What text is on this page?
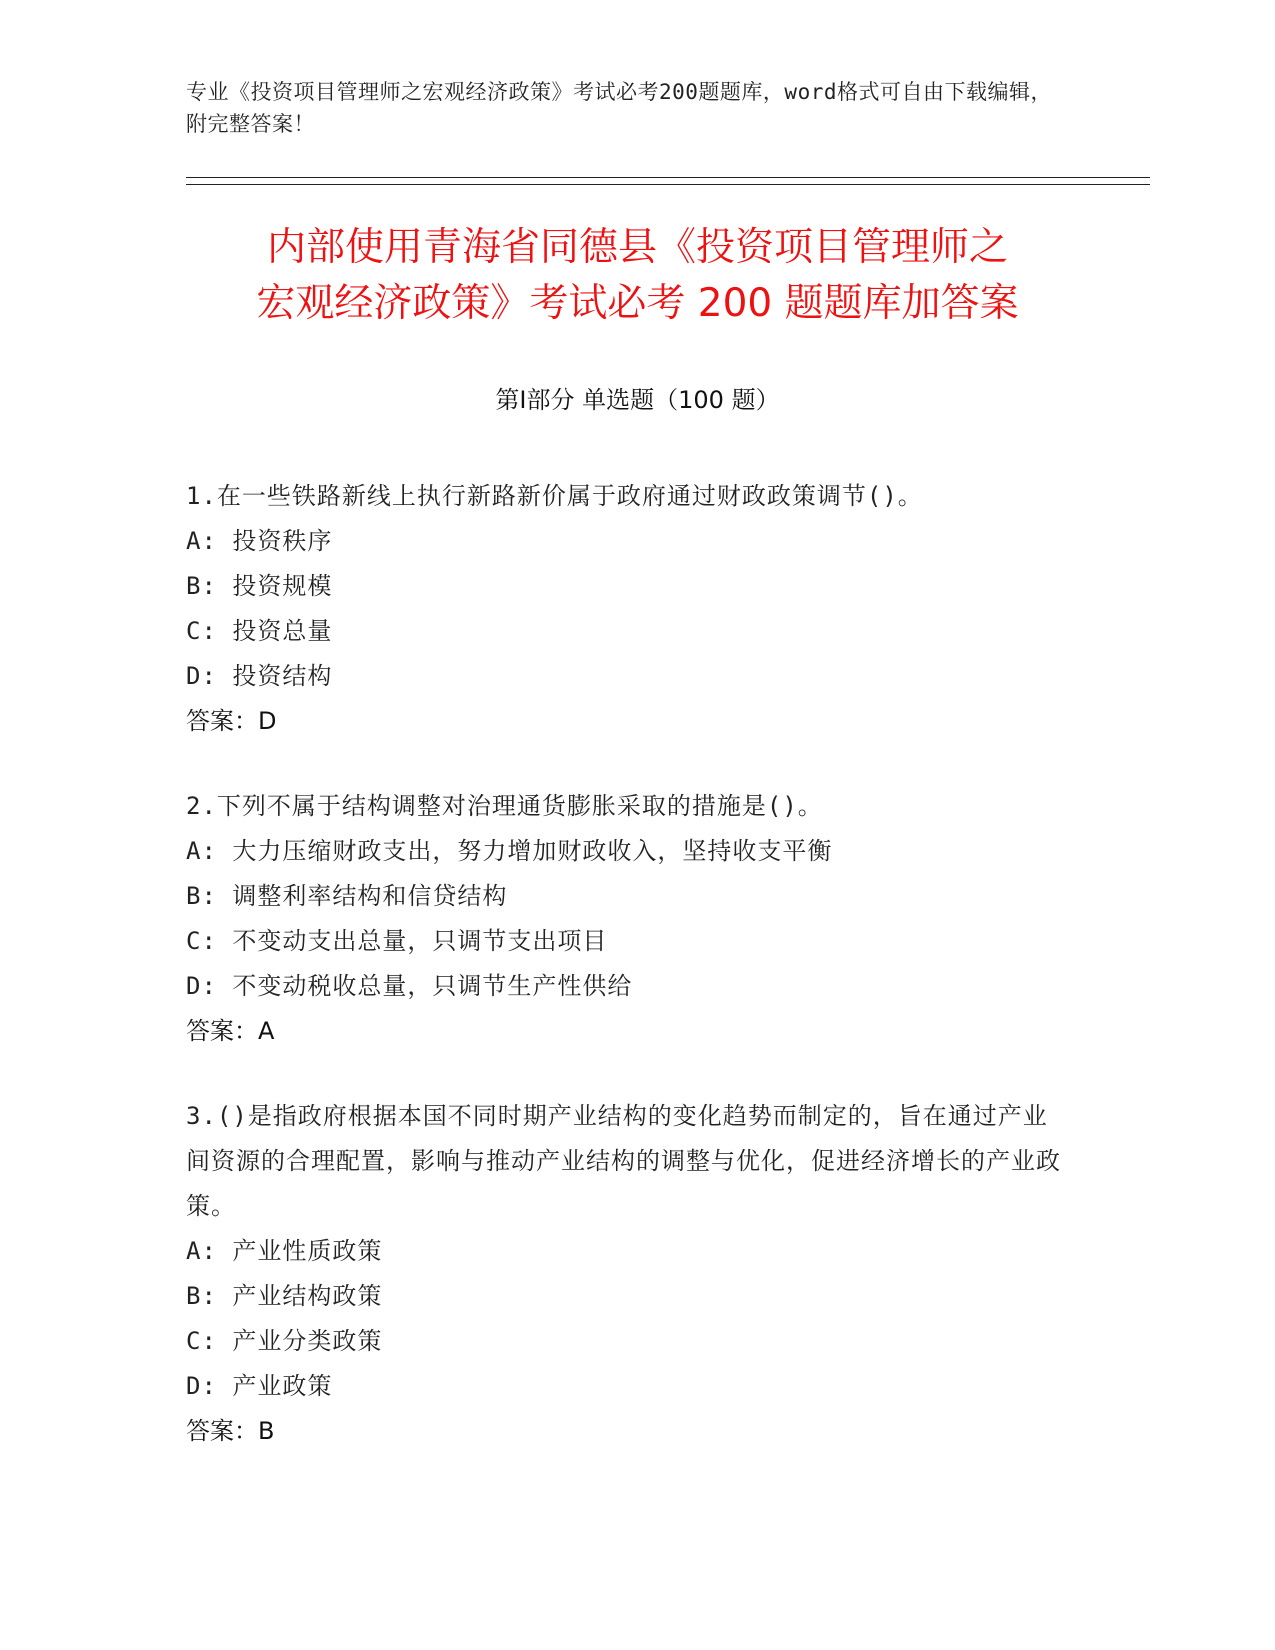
专业《投资项目管理师之宏观经济政策》考试必考200题题库，word格式可自由下载编辑，附完整答案！
内部使用青海省同德县《投资项目管理师之
宏观经济政策》考试必考 200 题题库加答案
第Ⅰ部分 单选题（100 题）

1.在一些铁路新线上执行新路新价属于政府通过财政政策调节()。

A: 投资秩序

B: 投资规模

C: 投资总量

D: 投资结构

答案：D

2.下列不属于结构调整对治理通货膨胀采取的措施是()。

A: 大力压缩财政支出，努力增加财政收入，坚持收支平衡

B: 调整利率结构和信贷结构

C: 不变动支出总量，只调节支出项目

D: 不变动税收总量，只调节生产性供给

答案：A

3.()是指政府根据本国不同时期产业结构的变化趋势而制定的，旨在通过产业间资源的合理配置，影响与推动产业结构的调整与优化，促进经济增长的产业政策。

A: 产业性质政策

B: 产业结构政策

C: 产业分类政策

D: 产业政策

答案：B
